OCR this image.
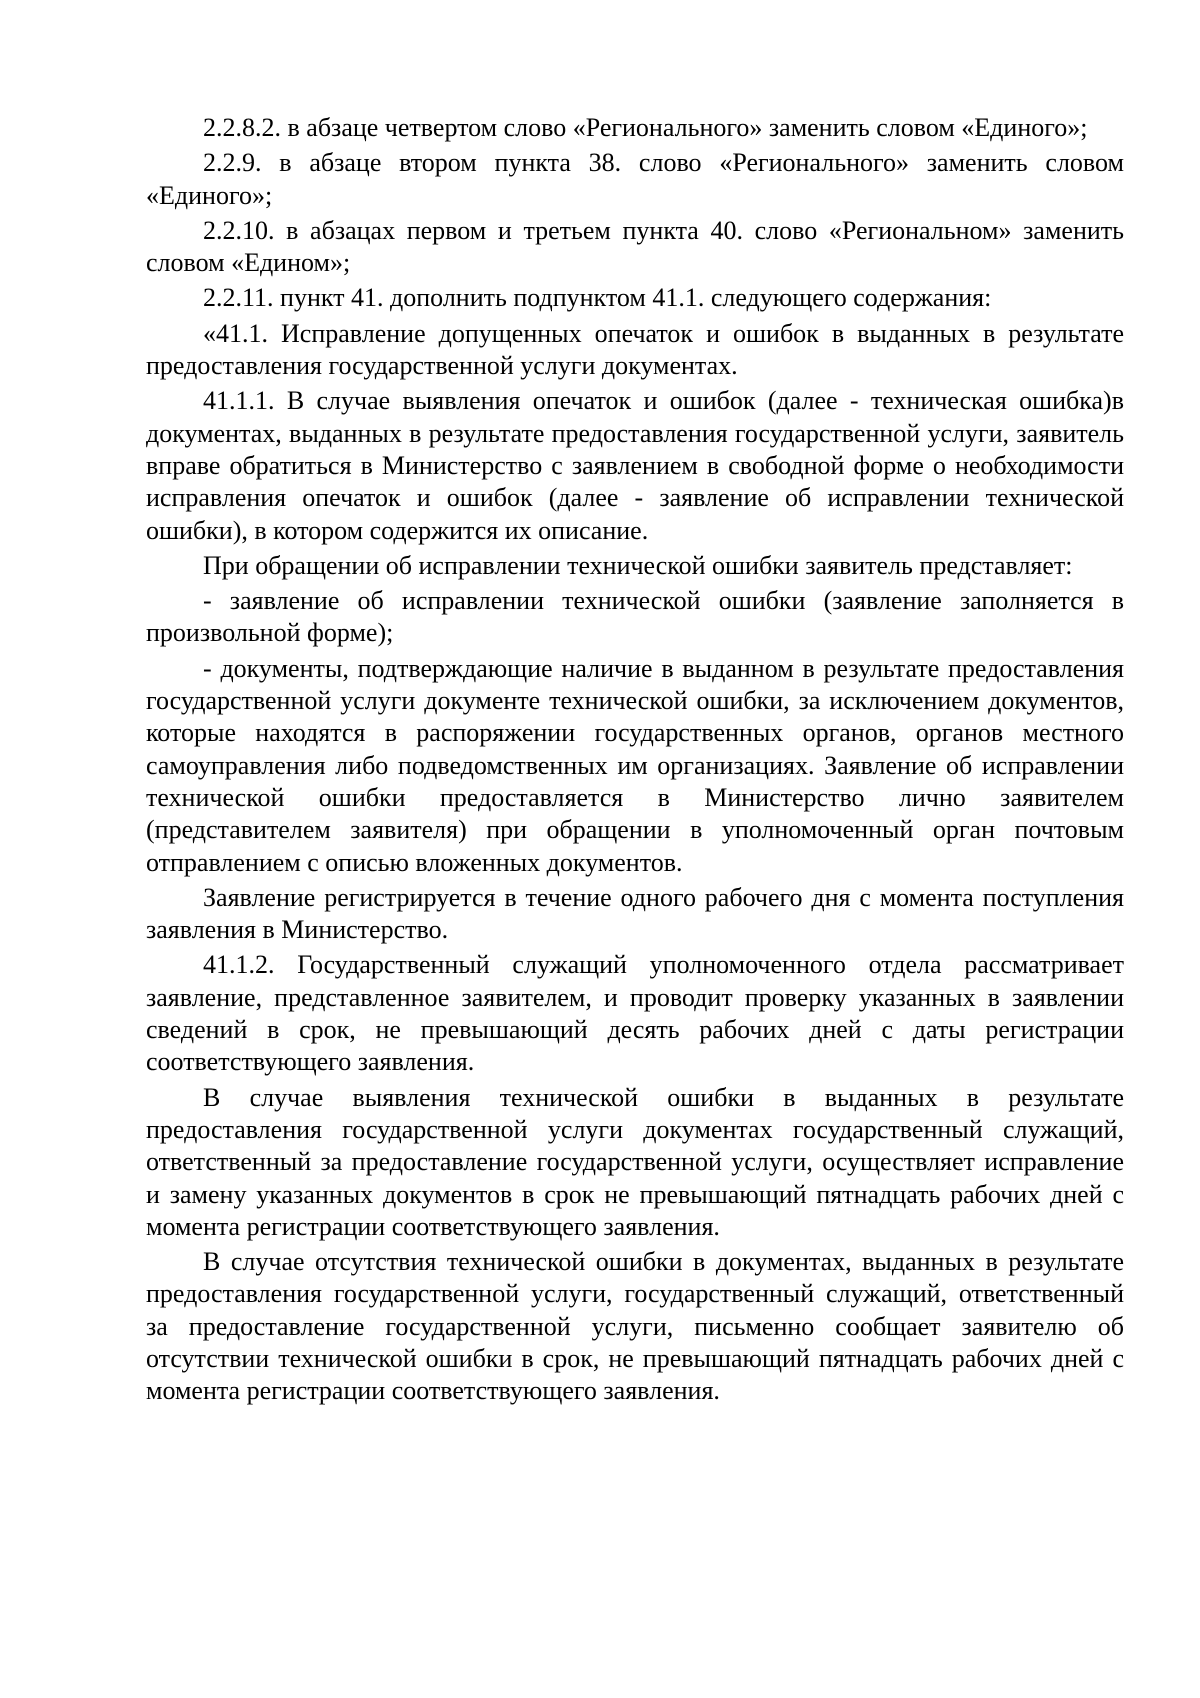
2.2.8.2. в абзаце четвертом слово «Регионального» заменить словом «Единого»;

2.2.9. в абзаце втором пункта 38. слово «Регионального» заменить словом «Единого»;

2.2.10. в абзацах первом и третьем пункта 40. слово «Региональном» заменить словом «Едином»;

2.2.11. пункт 41. дополнить подпунктом 41.1. следующего содержания:

«41.1. Исправление допущенных опечаток и ошибок в выданных в результате предоставления государственной услуги документах.

41.1.1. В случае выявления опечаток и ошибок (далее - техническая ошибка)в документах, выданных в результате предоставления государственной услуги, заявитель вправе обратиться в Министерство с заявлением в свободной форме о необходимости исправления опечаток и ошибок (далее - заявление об исправлении технической ошибки), в котором содержится их описание.

При обращении об исправлении технической ошибки заявитель представляет:

- заявление об исправлении технической ошибки (заявление заполняется в произвольной форме);

- документы, подтверждающие наличие в выданном в результате предоставления государственной услуги документе технической ошибки, за исключением документов, которые находятся в распоряжении государственных органов, органов местного самоуправления либо подведомственных им организациях. Заявление об исправлении технической ошибки предоставляется в Министерство лично заявителем (представителем заявителя) при обращении в уполномоченный орган почтовым отправлением с описью вложенных документов.

Заявление регистрируется в течение одного рабочего дня с момента поступления заявления в Министерство.

41.1.2. Государственный служащий уполномоченного отдела рассматривает заявление, представленное заявителем, и проводит проверку указанных в заявлении сведений в срок, не превышающий десять рабочих дней с даты регистрации соответствующего заявления.

В случае выявления технической ошибки в выданных в результате предоставления государственной услуги документах государственный служащий, ответственный за предоставление государственной услуги, осуществляет исправление и замену указанных документов в срок не превышающий пятнадцать рабочих дней с момента регистрации соответствующего заявления.

В случае отсутствия технической ошибки в документах, выданных в результате предоставления государственной услуги, государственный служащий, ответственный за предоставление государственной услуги, письменно сообщает заявителю об отсутствии технической ошибки в срок, не превышающий пятнадцать рабочих дней с момента регистрации соответствующего заявления.
